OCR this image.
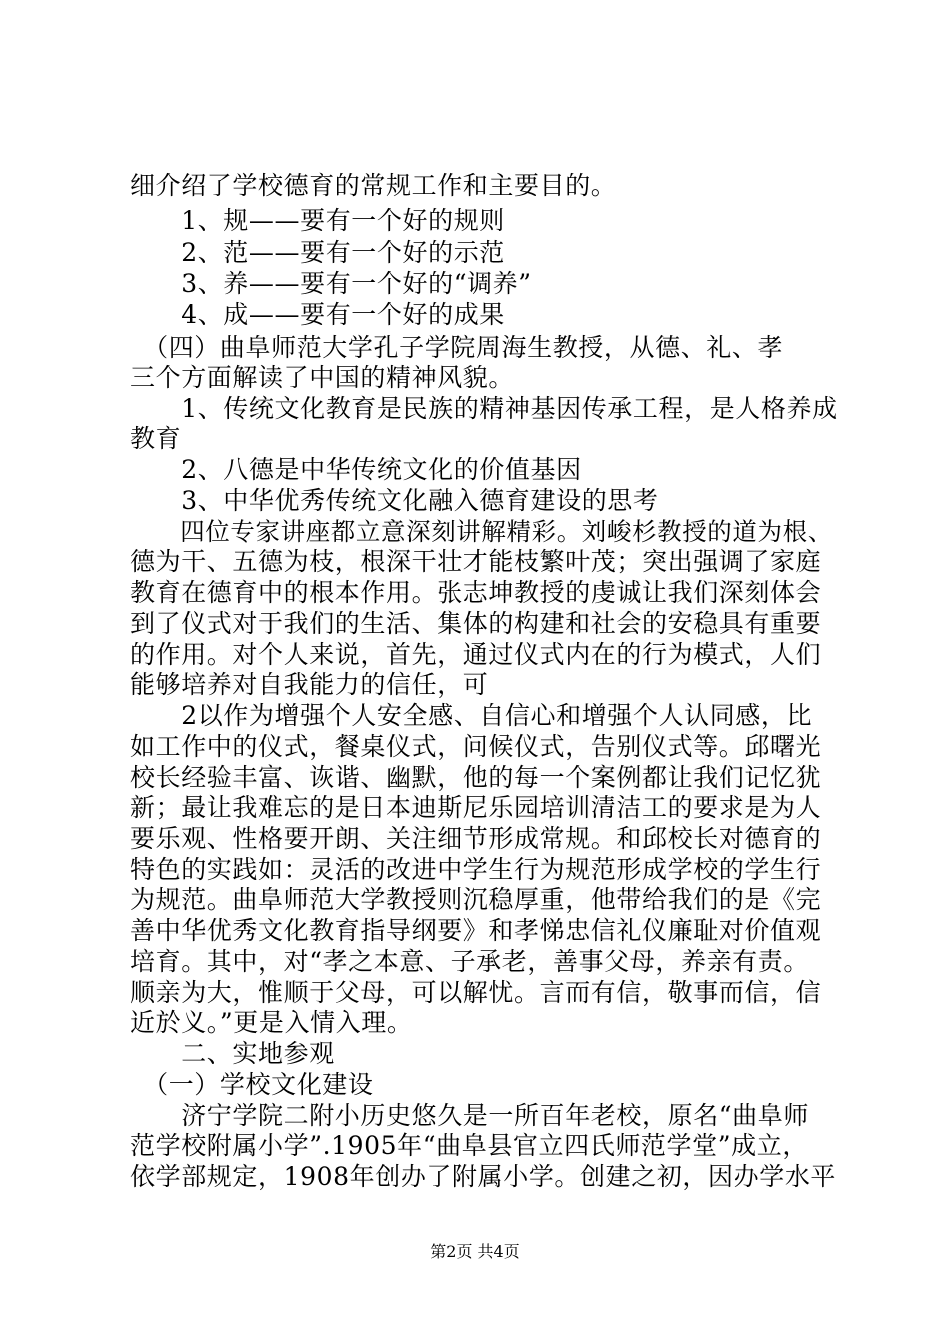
细介绍了学校德育的常规工作和主要目的。
　　1、规——要有一个好的规则
　　2、范——要有一个好的示范
　　3、养——要有一个好的“调养”
　　4、成——要有一个好的成果
　（四）曲阜师范大学孔子学院周海生教授，从德、礼、孝
三个方面解读了中国的精神风貌。
　　1、传统文化教育是民族的精神基因传承工程，是人格养成
教育
　　2、八德是中华传统文化的价值基因
　　3、中华优秀传统文化融入德育建设的思考
　　四位专家讲座都立意深刻讲解精彩。刘峻杉教授的道为根、
德为干、五德为枝，根深干壮才能枝繁叶茂；突出强调了家庭
教育在德育中的根本作用。张志坤教授的虔诚让我们深刻体会
到了仪式对于我们的生活、集体的构建和社会的安稳具有重要
的作用。对个人来说，首先，通过仪式内在的行为模式，人们
能够培养对自我能力的信任，可
　　2以作为增强个人安全感、自信心和增强个人认同感，比
如工作中的仪式，餐桌仪式，问候仪式，告别仪式等。邱曙光
校长经验丰富、诙谐、幽默，他的每一个案例都让我们记忆犹
新；最让我难忘的是日本迪斯尼乐园培训清洁工的要求是为人
要乐观、性格要开朗、关注细节形成常规。和邱校长对德育的
特色的实践如：灵活的改进中学生行为规范形成学校的学生行
为规范。曲阜师范大学教授则沉稳厚重，他带给我们的是《完
善中华优秀文化教育指导纲要》和孝悌忠信礼仪廉耻对价值观
培育。其中，对“孝之本意、子承老，善事父母，养亲有责。
顺亲为大，惟顺于父母，可以解忧。言而有信，敬事而信，信
近於义。”更是入情入理。
　　二、实地参观
　（一）学校文化建设
　　济宁学院二附小历史悠久是一所百年老校，原名“曲阜师
范学校附属小学”.1905年“曲阜县官立四氏师范学堂”成立，
依学部规定，1908年创办了附属小学。创建之初，因办学水平
第2页 共4页
